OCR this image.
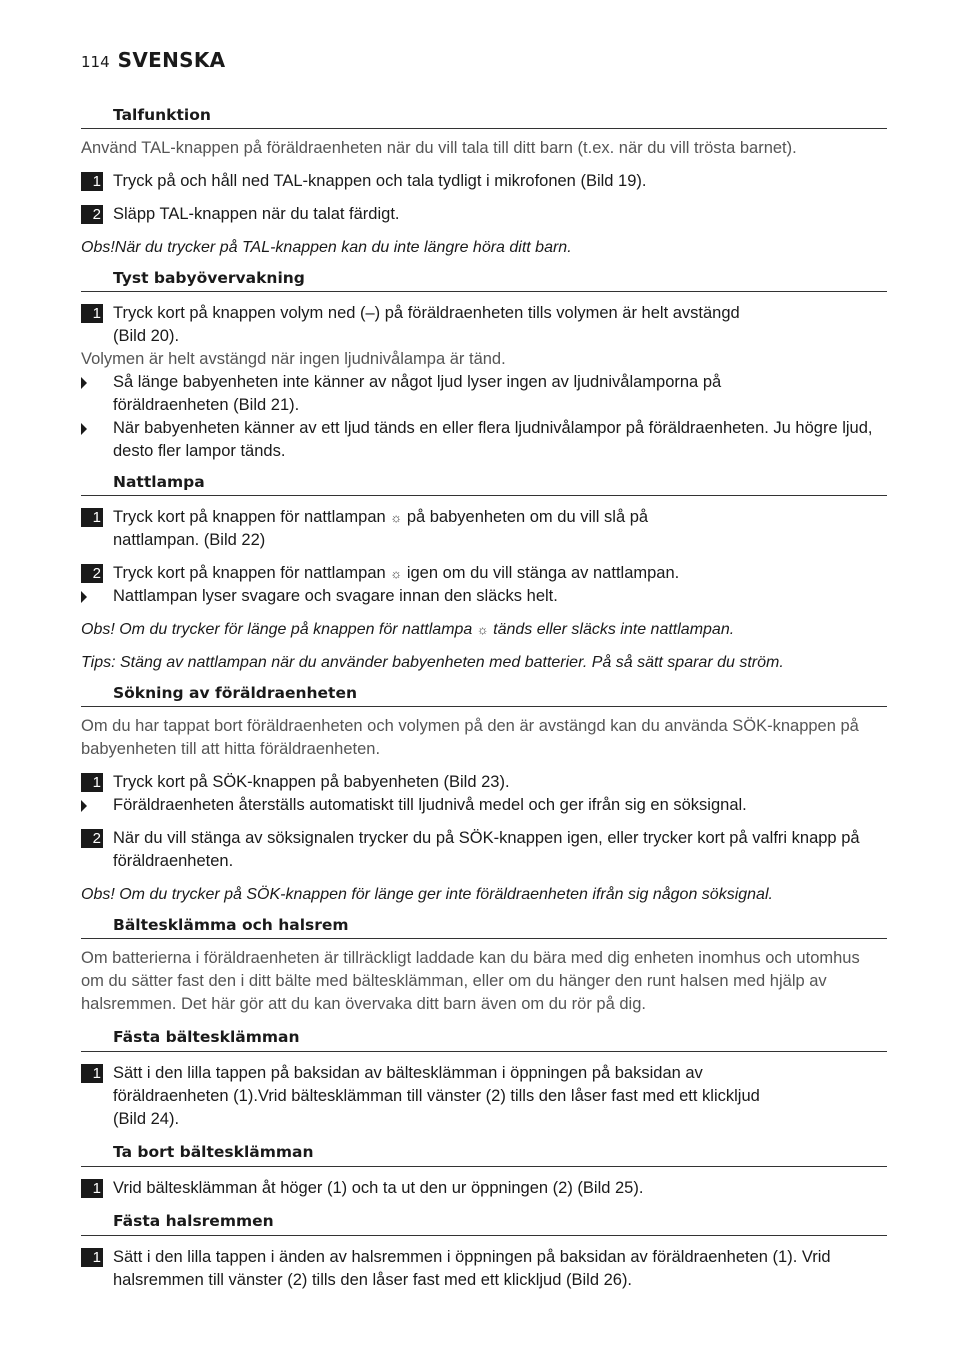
114 SVENSKA
Talfunktion
Använd TAL-knappen på föräldraenheten när du vill tala till ditt barn (t.ex. när du vill trösta barnet).
1 Tryck på och håll ned TAL-knappen och tala tydligt i mikrofonen (Bild 19).
2 Släpp TAL-knappen när du talat färdigt.
Obs!När du trycker på TAL-knappen kan du inte längre höra ditt barn.
Tyst babyövervakning
1 Tryck kort på knappen volym ned (–) på föräldraenheten tills volymen är helt avstängd (Bild 20).
Volymen är helt avstängd när ingen ljudnivålampa är tänd.
Så länge babyenheten inte känner av något ljud lyser ingen av ljudnivålamporna på föräldraenheten (Bild 21).
När babyenheten känner av ett ljud tänds en eller flera ljudnivålampor på föräldraenheten. Ju högre ljud, desto fler lampor tänds.
Nattlampa
1 Tryck kort på knappen för nattlampan ☼ på babyenheten om du vill slå på nattlampan. (Bild 22)
2 Tryck kort på knappen för nattlampan ☼ igen om du vill stänga av nattlampan.
Nattlampan lyser svagare och svagare innan den släcks helt.
Obs! Om du trycker för länge på knappen för nattlampa ☼ tänds eller släcks inte nattlampan.
Tips: Stäng av nattlampan när du använder babyenheten med batterier. På så sätt sparar du ström.
Sökning av föräldraenheten
Om du har tappat bort föräldraenheten och volymen på den är avstängd kan du använda SÖK-knappen på babyenheten till att hitta föräldraenheten.
1 Tryck kort på SÖK-knappen på babyenheten (Bild 23).
Föräldraenheten återställs automatiskt till ljudnivå medel och ger ifrån sig en söksignal.
2 När du vill stänga av söksignalen trycker du på SÖK-knappen igen, eller trycker kort på valfri knapp på föräldraenheten.
Obs! Om du trycker på SÖK-knappen för länge ger inte föräldraenheten ifrån sig någon söksignal.
Bältesklämma och halsrem
Om batterierna i föräldraenheten är tillräckligt laddade kan du bära med dig enheten inomhus och utomhus om du sätter fast den i ditt bälte med bältesklämman, eller om du hänger den runt halsen med hjälp av halsremmen. Det här gör att du kan övervaka ditt barn även om du rör på dig.
Fästa bältesklämman
1 Sätt i den lilla tappen på baksidan av bältesklämman i öppningen på baksidan av föräldraenheten (1).Vrid bältesklämman till vänster (2) tills den låser fast med ett klickljud (Bild 24).
Ta bort bältesklämman
1 Vrid bältesklämman åt höger (1) och ta ut den ur öppningen (2) (Bild 25).
Fästa halsremmen
1 Sätt i den lilla tappen i änden av halsremmen i öppningen på baksidan av föräldraenheten (1). Vrid halsremmen till vänster (2) tills den låser fast med ett klickljud (Bild 26).
